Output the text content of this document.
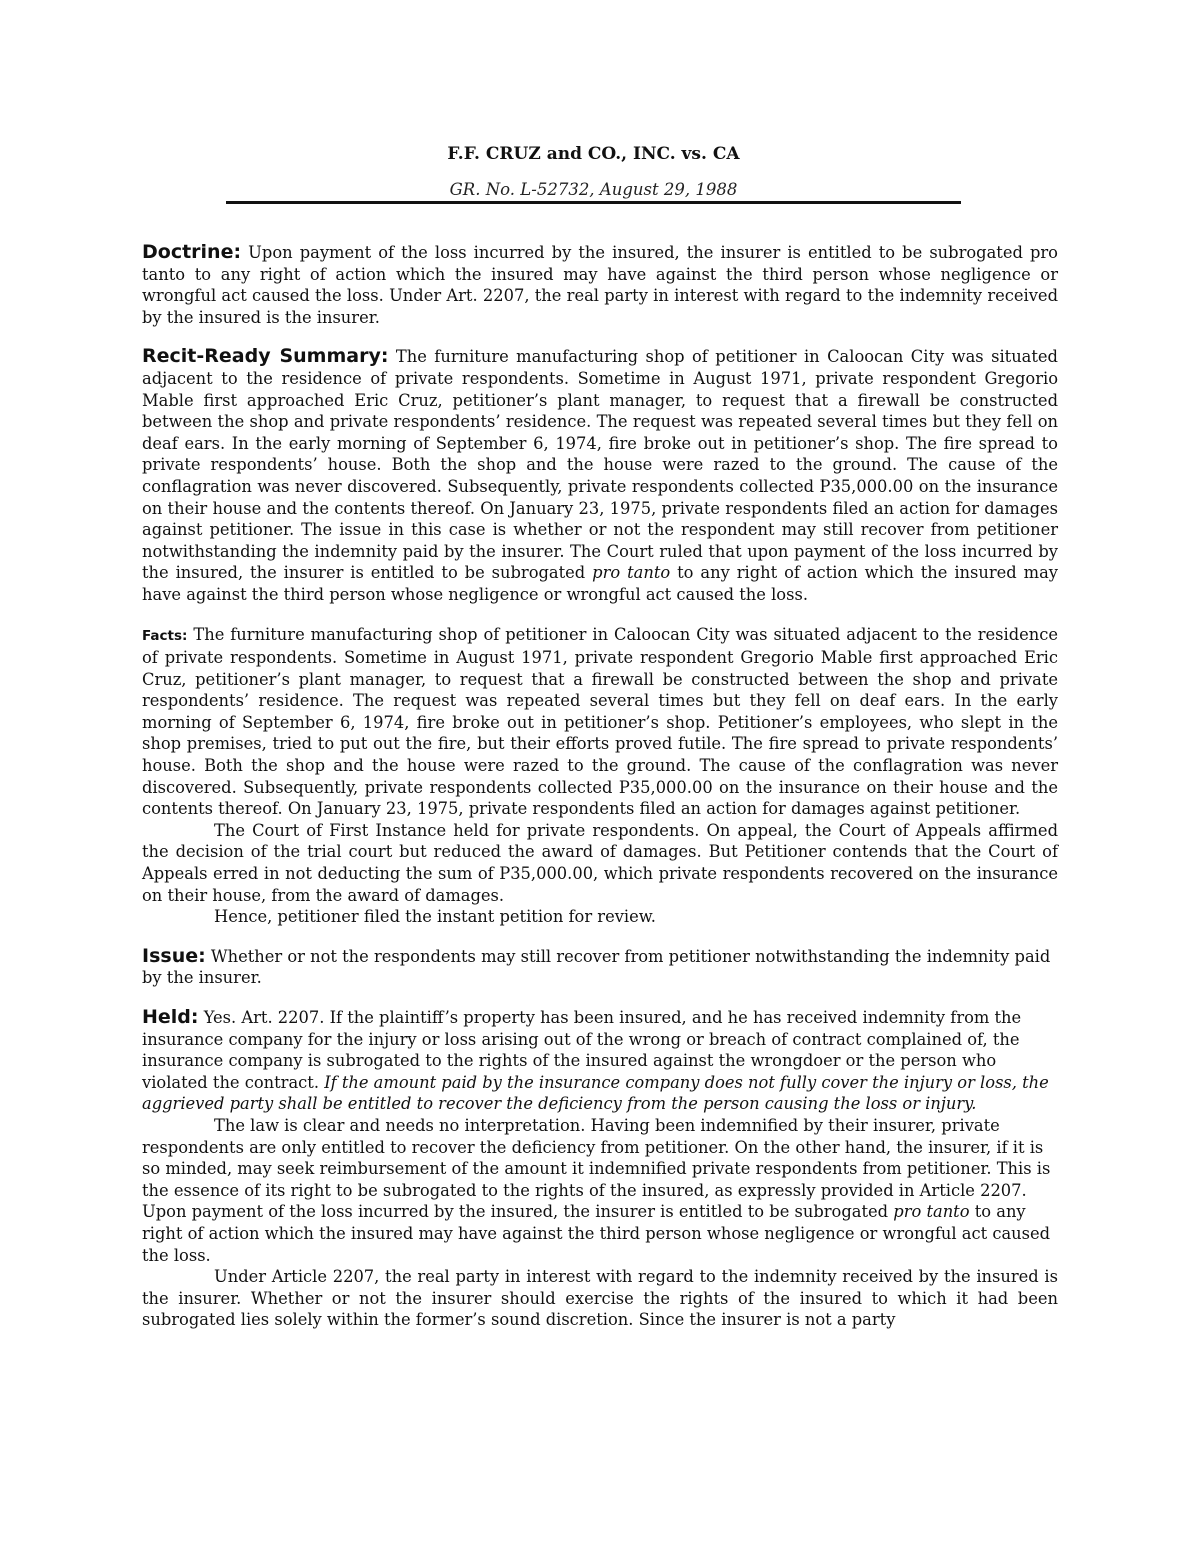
F.F. CRUZ and CO., INC. vs. CA
GR. No. L-52732, August 29, 1988

Doctrine: Upon payment of the loss incurred by the insured, the insurer is entitled to be subrogated pro tanto to any right of action which the insured may have against the third person whose negligence or wrongful act caused the loss. Under Art. 2207, the real party in interest with regard to the indemnity received by the insured is the insurer.

Recit-Ready Summary: The furniture manufacturing shop of petitioner in Caloocan City was situated adjacent to the residence of private respondents. Sometime in August 1971, private respondent Gregorio Mable first approached Eric Cruz, petitioner’s plant manager, to request that a firewall be constructed between the shop and private respondents’ residence. The request was repeated several times but they fell on deaf ears. In the early morning of September 6, 1974, fire broke out in petitioner’s shop. The fire spread to private respondents’ house. Both the shop and the house were razed to the ground. The cause of the conflagration was never discovered. Subsequently, private respondents collected P35,000.00 on the insurance on their house and the contents thereof. On January 23, 1975, private respondents filed an action for damages against petitioner. The issue in this case is whether or not the respondent may still recover from petitioner notwithstanding the indemnity paid by the insurer. The Court ruled that upon payment of the loss incurred by the insured, the insurer is entitled to be subrogated pro tanto to any right of action which the insured may have against the third person whose negligence or wrongful act caused the loss.

Facts: The furniture manufacturing shop of petitioner in Caloocan City was situated adjacent to the residence of private respondents. Sometime in August 1971, private respondent Gregorio Mable first approached Eric Cruz, petitioner’s plant manager, to request that a firewall be constructed between the shop and private respondents’ residence. The request was repeated several times but they fell on deaf ears. In the early morning of September 6, 1974, fire broke out in petitioner’s shop. Petitioner’s employees, who slept in the shop premises, tried to put out the fire, but their efforts proved futile. The fire spread to private respondents’ house. Both the shop and the house were razed to the ground. The cause of the conflagration was never discovered. Subsequently, private respondents collected P35,000.00 on the insurance on their house and the contents thereof. On January 23, 1975, private respondents filed an action for damages against petitioner.

The Court of First Instance held for private respondents. On appeal, the Court of Appeals affirmed the decision of the trial court but reduced the award of damages. But Petitioner contends that the Court of Appeals erred in not deducting the sum of P35,000.00, which private respondents recovered on the insurance on their house, from the award of damages.

Hence, petitioner filed the instant petition for review.

Issue: Whether or not the respondents may still recover from petitioner notwithstanding the indemnity paid by the insurer.

Held: Yes. Art. 2207. If the plaintiff’s property has been insured, and he has received indemnity from the insurance company for the injury or loss arising out of the wrong or breach of contract complained of, the insurance company is subrogated to the rights of the insured against the wrongdoer or the person who violated the contract. If the amount paid by the insurance company does not fully cover the injury or loss, the aggrieved party shall be entitled to recover the deficiency from the person causing the loss or injury.

The law is clear and needs no interpretation. Having been indemnified by their insurer, private respondents are only entitled to recover the deficiency from petitioner. On the other hand, the insurer, if it is so minded, may seek reimbursement of the amount it indemnified private respondents from petitioner. This is the essence of its right to be subrogated to the rights of the insured, as expressly provided in Article 2207. Upon payment of the loss incurred by the insured, the insurer is entitled to be subrogated pro tanto to any right of action which the insured may have against the third person whose negligence or wrongful act caused the loss.

Under Article 2207, the real party in interest with regard to the indemnity received by the insured is the insurer. Whether or not the insurer should exercise the rights of the insured to which it had been subrogated lies solely within the former’s sound discretion. Since the insurer is not a party
